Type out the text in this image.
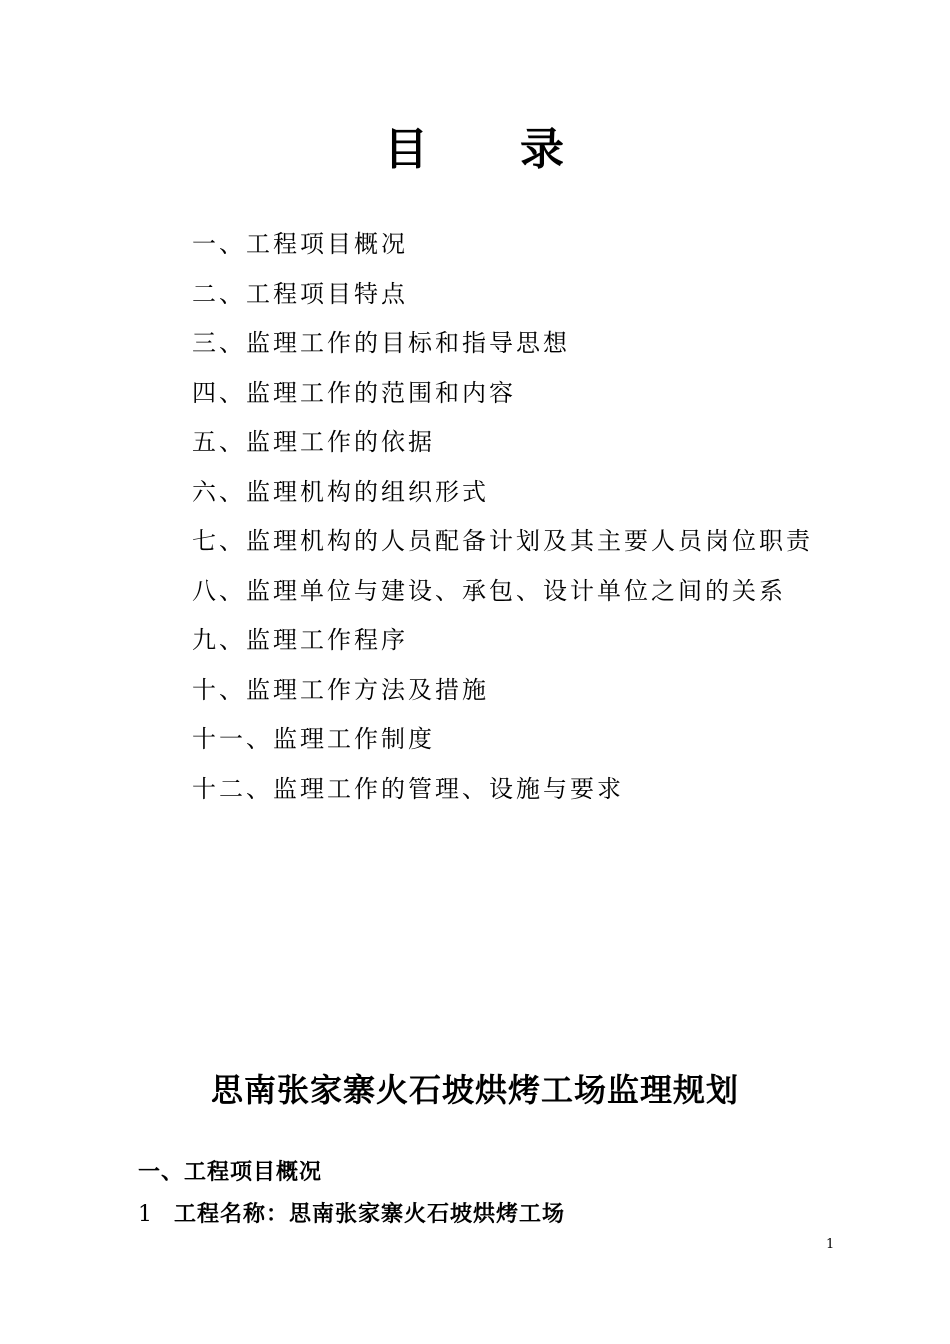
目 录
一、工程项目概况
二、工程项目特点
三、监理工作的目标和指导思想
四、监理工作的范围和内容
五、监理工作的依据
六、监理机构的组织形式
七、监理机构的人员配备计划及其主要人员岗位职责
八、监理单位与建设、承包、设计单位之间的关系
九、监理工作程序
十、监理工作方法及措施
十一、监理工作制度
十二、监理工作的管理、设施与要求
思南张家寨火石坡烘烤工场监理规划
一、工程项目概况
1 工程名称：思南张家寨火石坡烘烤工场
1
